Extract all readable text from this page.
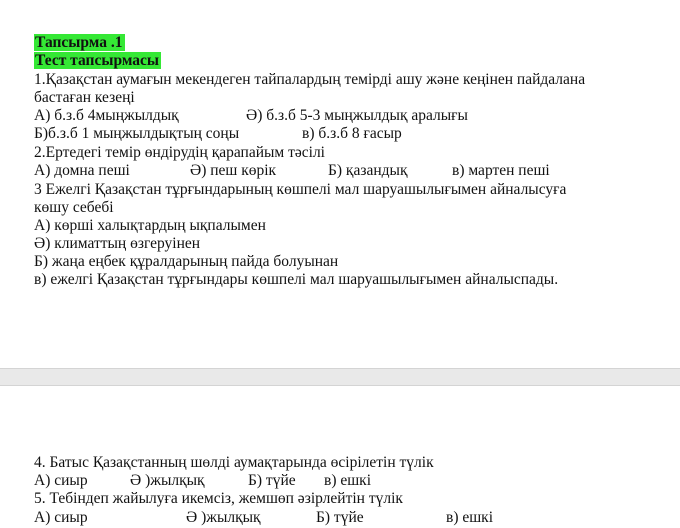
Тапсырма .1
Тест тапсырмасы
1.Қазақстан аумағын мекендеген тайпалардың темірді ашу және кеңінен пайдалана
бастаған кезеңі
А) б.з.б 4мыңжылдық	Ә) б.з.б 5-3 мыңжылдық аралығы
Б)б.з.б 1 мыңжылдықтың соңы	в) б.з.б 8 ғасыр
2.Ертедегі темір өндірудің қарапайым тәсілі
А) домна пеші	Ә) пеш көрік	Б) қазандық	в) мартен пеші
3 Ежелгі Қазақстан тұрғындарының көшпелі мал шаруашылығымен айналысуға
көшу себебі
А) көрші халықтардың ықпалымен
Ә) климаттың өзгеруінен
Б) жаңа еңбек құралдарының пайда болуынан
в) ежелгі Қазақстан тұрғындары көшпелі мал шаруашылығымен айналыспады.
4. Батыс Қазақстанның шөлді аумақтарында өсірілетін түлік
А) сиыр	Ә )жылқық	Б) түйе в) ешкі
5. Тебіндеп жайылуға икемсіз, жемшөп әзірлейтін түлік
А) сиыр	Ә )жылқық	Б) түйе	в) ешкі
